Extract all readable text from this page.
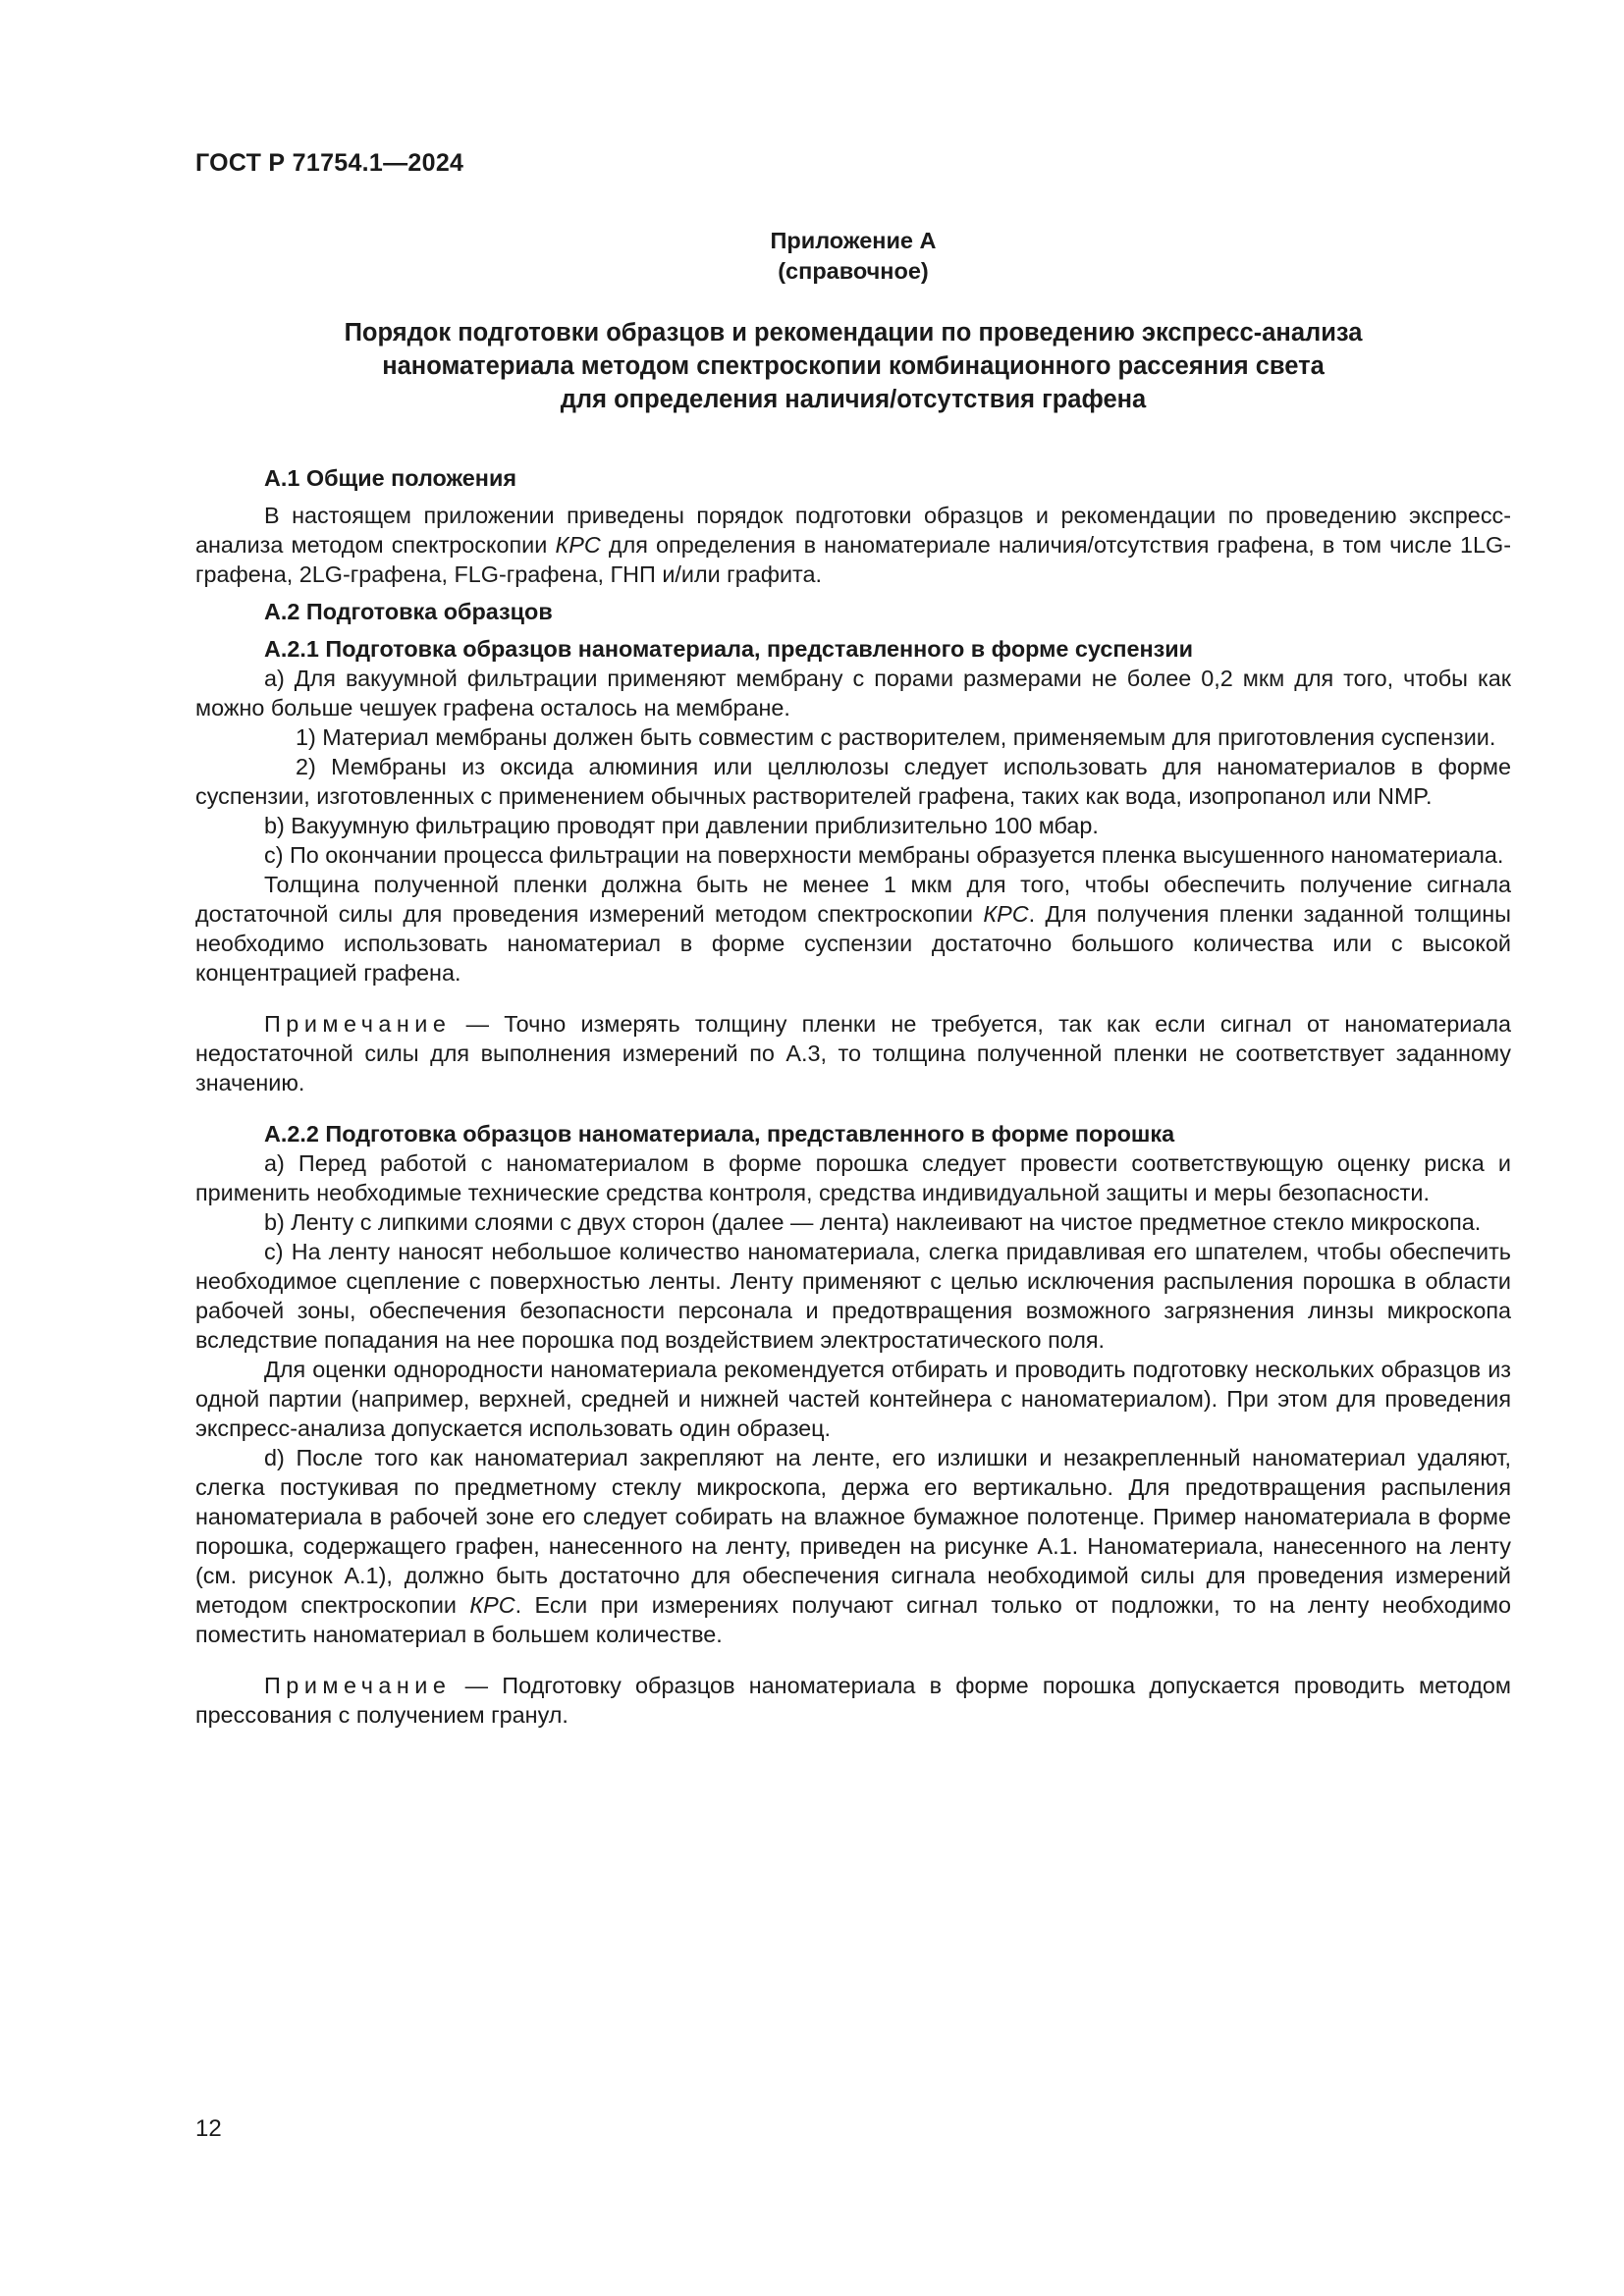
ГОСТ Р 71754.1—2024
Приложение А
(справочное)
Порядок подготовки образцов и рекомендации по проведению экспресс-анализа
наноматериала методом спектроскопии комбинационного рассеяния света
для определения наличия/отсутствия графена

А.1 Общие положения

В настоящем приложении приведены порядок подготовки образцов и рекомендации по проведению экспресс-анализа методом спектроскопии КРС для определения в наноматериале наличия/отсутствия графена, в том числе 1LG-графена, 2LG-графена, FLG-графена, ГНП и/или графита.

А.2 Подготовка образцов

А.2.1 Подготовка образцов наноматериала, представленного в форме суспензии

а) Для вакуумной фильтрации применяют мембрану с порами размерами не более 0,2 мкм для того, чтобы как можно больше чешуек графена осталось на мембране.

1) Материал мембраны должен быть совместим с растворителем, применяемым для приготовления суспензии.

2) Мембраны из оксида алюминия или целлюлозы следует использовать для наноматериалов в форме суспензии, изготовленных с применением обычных растворителей графена, таких как вода, изопропанол или NMP.

b) Вакуумную фильтрацию проводят при давлении приблизительно 100 мбар.

с) По окончании процесса фильтрации на поверхности мембраны образуется пленка высушенного наноматериала.

Толщина полученной пленки должна быть не менее 1 мкм для того, чтобы обеспечить получение сигнала достаточной силы для проведения измерений методом спектроскопии КРС. Для получения пленки заданной толщины необходимо использовать наноматериал в форме суспензии достаточно большого количества или с высокой концентрацией графена.

Примечание — Точно измерять толщину пленки не требуется, так как если сигнал от наноматериала недостаточной силы для выполнения измерений по А.3, то толщина полученной пленки не соответствует заданному значению.

А.2.2 Подготовка образцов наноматериала, представленного в форме порошка

а) Перед работой с наноматериалом в форме порошка следует провести соответствующую оценку риска и применить необходимые технические средства контроля, средства индивидуальной защиты и меры безопасности.

b) Ленту с липкими слоями с двух сторон (далее — лента) наклеивают на чистое предметное стекло микроскопа.

с) На ленту наносят небольшое количество наноматериала, слегка придавливая его шпателем, чтобы обеспечить необходимое сцепление с поверхностью ленты. Ленту применяют с целью исключения распыления порошка в области рабочей зоны, обеспечения безопасности персонала и предотвращения возможного загрязнения линзы микроскопа вследствие попадания на нее порошка под воздействием электростатического поля.

Для оценки однородности наноматериала рекомендуется отбирать и проводить подготовку нескольких образцов из одной партии (например, верхней, средней и нижней частей контейнера с наноматериалом). При этом для проведения экспресс-анализа допускается использовать один образец.

d) После того как наноматериал закрепляют на ленте, его излишки и незакрепленный наноматериал удаляют, слегка постукивая по предметному стеклу микроскопа, держа его вертикально. Для предотвращения распыления наноматериала в рабочей зоне его следует собирать на влажное бумажное полотенце. Пример наноматериала в форме порошка, содержащего графен, нанесенного на ленту, приведен на рисунке А.1. Наноматериала, нанесенного на ленту (см. рисунок А.1), должно быть достаточно для обеспечения сигнала необходимой силы для проведения измерений методом спектроскопии КРС. Если при измерениях получают сигнал только от подложки, то на ленту необходимо поместить наноматериал в большем количестве.

Примечание — Подготовку образцов наноматериала в форме порошка допускается проводить методом прессования с получением гранул.

12
